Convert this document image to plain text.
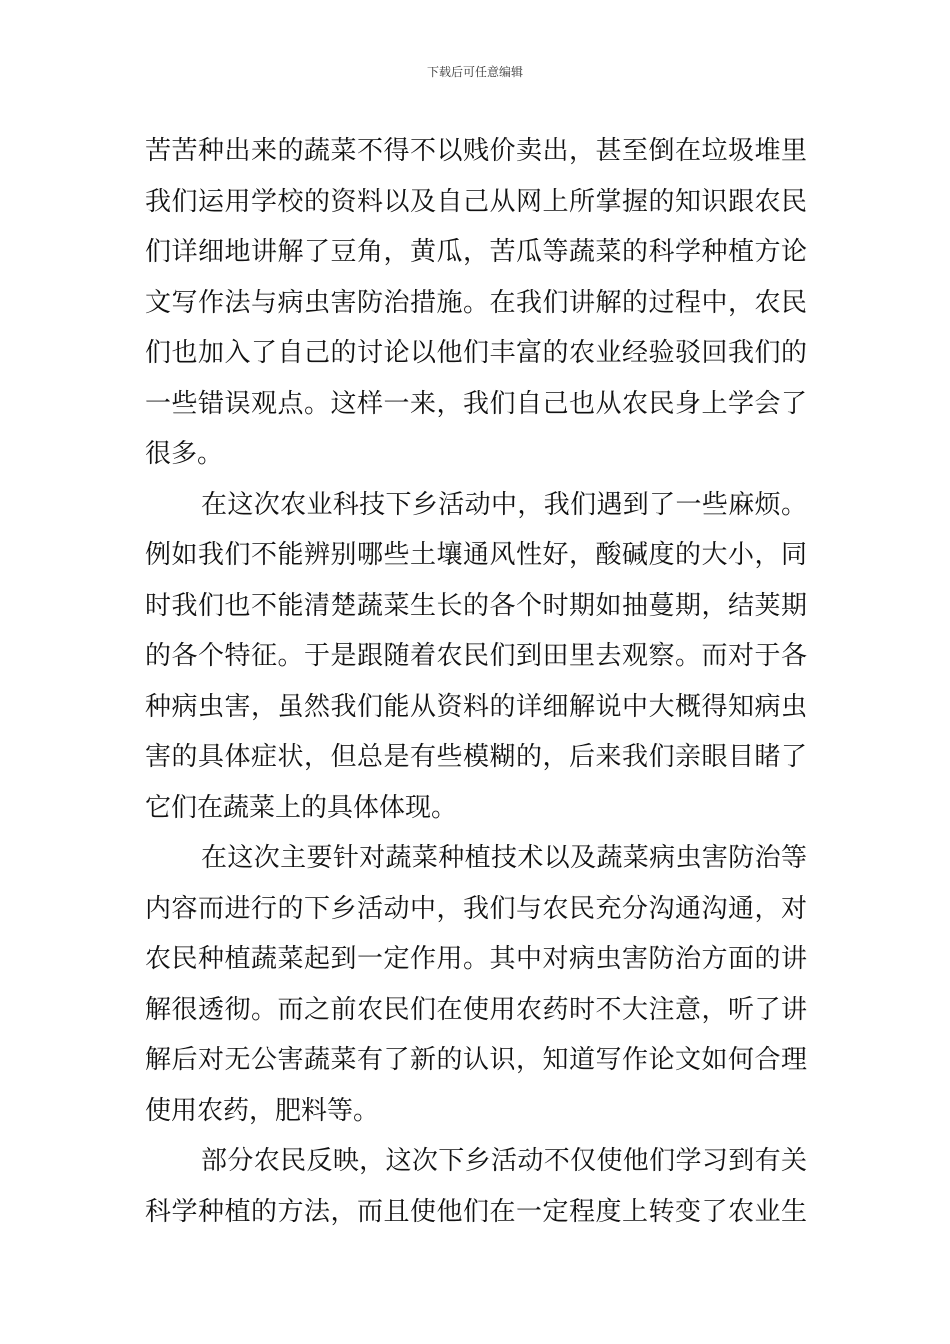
下载后可任意编辑
苦苦种出来的蔬菜不得不以贱价卖出，甚至倒在垃圾堆里
我们运用学校的资料以及自己从网上所掌握的知识跟农民
们详细地讲解了豆角，黄瓜，苦瓜等蔬菜的科学种植方论
文写作法与病虫害防治措施。在我们讲解的过程中，农民
们也加入了自己的讨论以他们丰富的农业经验驳回我们的
一些错误观点。这样一来，我们自己也从农民身上学会了
很多。
在这次农业科技下乡活动中，我们遇到了一些麻烦。
例如我们不能辨别哪些土壤通风性好，酸碱度的大小，同
时我们也不能清楚蔬菜生长的各个时期如抽蔓期，结荚期
的各个特征。于是跟随着农民们到田里去观察。而对于各
种病虫害，虽然我们能从资料的详细解说中大概得知病虫
害的具体症状，但总是有些模糊的，后来我们亲眼目睹了
它们在蔬菜上的具体体现。
在这次主要针对蔬菜种植技术以及蔬菜病虫害防治等
内容而进行的下乡活动中，我们与农民充分沟通沟通，对
农民种植蔬菜起到一定作用。其中对病虫害防治方面的讲
解很透彻。而之前农民们在使用农药时不大注意，听了讲
解后对无公害蔬菜有了新的认识，知道写作论文如何合理
使用农药，肥料等。
部分农民反映，这次下乡活动不仅使他们学习到有关
科学种植的方法，而且使他们在一定程度上转变了农业生
